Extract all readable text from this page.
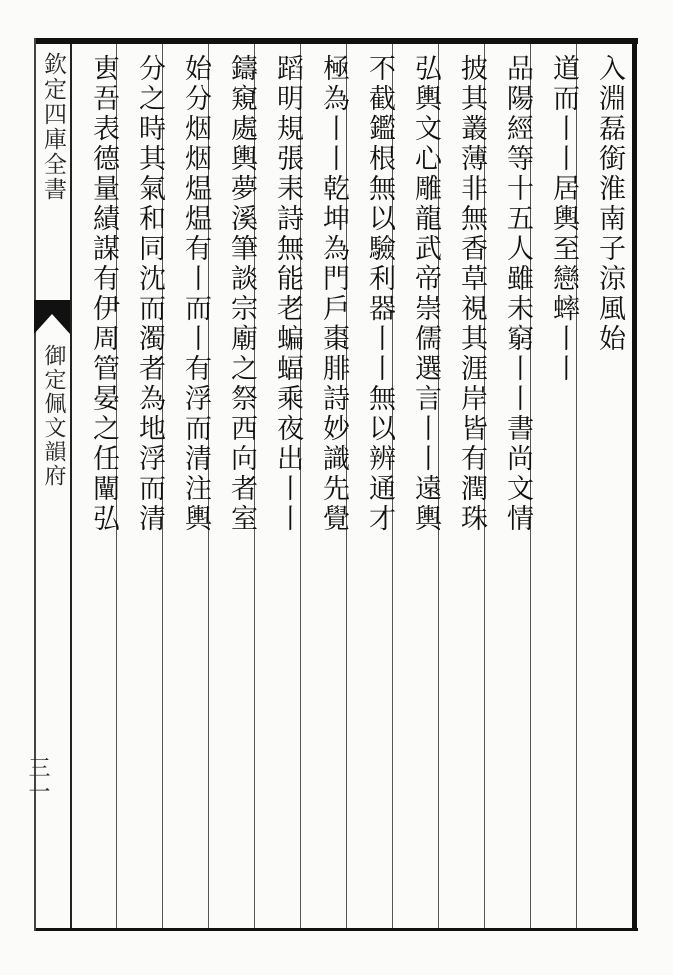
欽定四庫全書
御定佩文韻府
三一
入淵磊銜淮南子涼風始
道而丨丨居輿至戀蟀丨丨
品陽經等十五人雖未窮丨丨書尚文情
披其叢薄非無香草視其涯岸皆有潤珠
弘輿文心雕龍武帝崇儒選言丨丨遠輿
不截鑑根無以驗利器丨丨無以辨通才
極為丨丨乾坤為門戶棗腓詩妙識先覺
蹈明規張耒詩無能老蝙蝠乘夜出丨丨
鑄窺處輿夢溪筆談宗廟之祭西向者室
始分烟烟煴煴有丨而丨有浮而清注輿
分之時其氣和同沈而濁者為地浮而清
叀吾表德量績謀有伊周管晏之任闡弘
